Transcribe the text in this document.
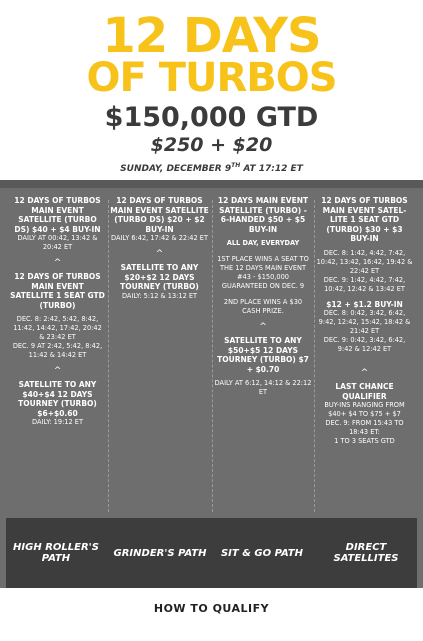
12 DAYS
OF TURBOS
$150,000 GTD
$250 + $20
SUNDAY, DECEMBER 9TH AT 17:12 ET
12 DAYS OF TURBOS MAIN EVENT SATELLITE (TURBO DS) $40 + $4 BUY-IN
DAILY AT 00:42, 13:42 & 20:42 ET
^
12 DAYS OF TURBOS MAIN EVENT SATELLITE 1 SEAT GTD (TURBO)
DEC. 8: 2:42, 5:42, 8:42, 11:42, 14:42, 17:42, 20:42 & 23:42 ET
DEC. 9 AT 2:42, 5:42, 8:42, 11:42 & 14:42 ET
^
SATELLITE TO ANY $40+$4 12 DAYS TOURNEY (TURBO) $6+$0.60
DAILY: 19:12 ET
12 DAYS OF TURBOS MAIN EVENT SATELLITE (TURBO DS) $20 + $2 BUY-IN
DAILY 6:42, 17:42 & 22:42 ET
^
SATELLITE TO ANY $20+$2 12 DAYS TOURNEY (TURBO)
DAILY: 5:12 & 13:12 ET
12 DAYS MAIN EVENT SATELLITE (TURBO) - 6-HANDED $50 + $5 BUY-IN
ALL DAY, EVERYDAY
1ST PLACE WINS A SEAT TO THE 12 DAYS MAIN EVENT #43 - $150,000 GUARANTEED ON DEC. 9
2ND PLACE WINS A $30 CASH PRIZE.
^
SATELLITE TO ANY $50+$5 12 DAYS TOURNEY (TURBO) $7 + $0.70
DAILY AT 6:12, 14:12 & 22:12 ET
12 DAYS OF TURBOS MAIN EVENT SATEL-LITE 1 SEAT GTD (TURBO) $30 + $3 BUY-IN
DEC. 8: 1:42, 4:42, 7:42, 10:42, 13:42, 16:42, 19:42 & 22:42 ET
DEC. 9: 1:42, 4:42, 7:42, 10:42, 12:42 & 13:42 ET
$12 + $1.2 BUY-IN
DEC. 8: 0:42, 3:42, 6:42, 9:42, 12:42, 15:42, 18:42 & 21:42 ET
DEC. 9: 0:42, 3:42, 6:42, 9:42 & 12:42 ET
^
LAST CHANCE QUALIFIER
BUY-INS RANGING FROM $40+ $4 TO $75 + $7
DEC. 9: FROM 15:43 TO 18:43 ET:
1 TO 3 SEATS GTD
HIGH ROLLER'S PATH	GRINDER'S PATH	SIT & GO PATH	DIRECT SATELLITES
HOW TO QUALIFY
